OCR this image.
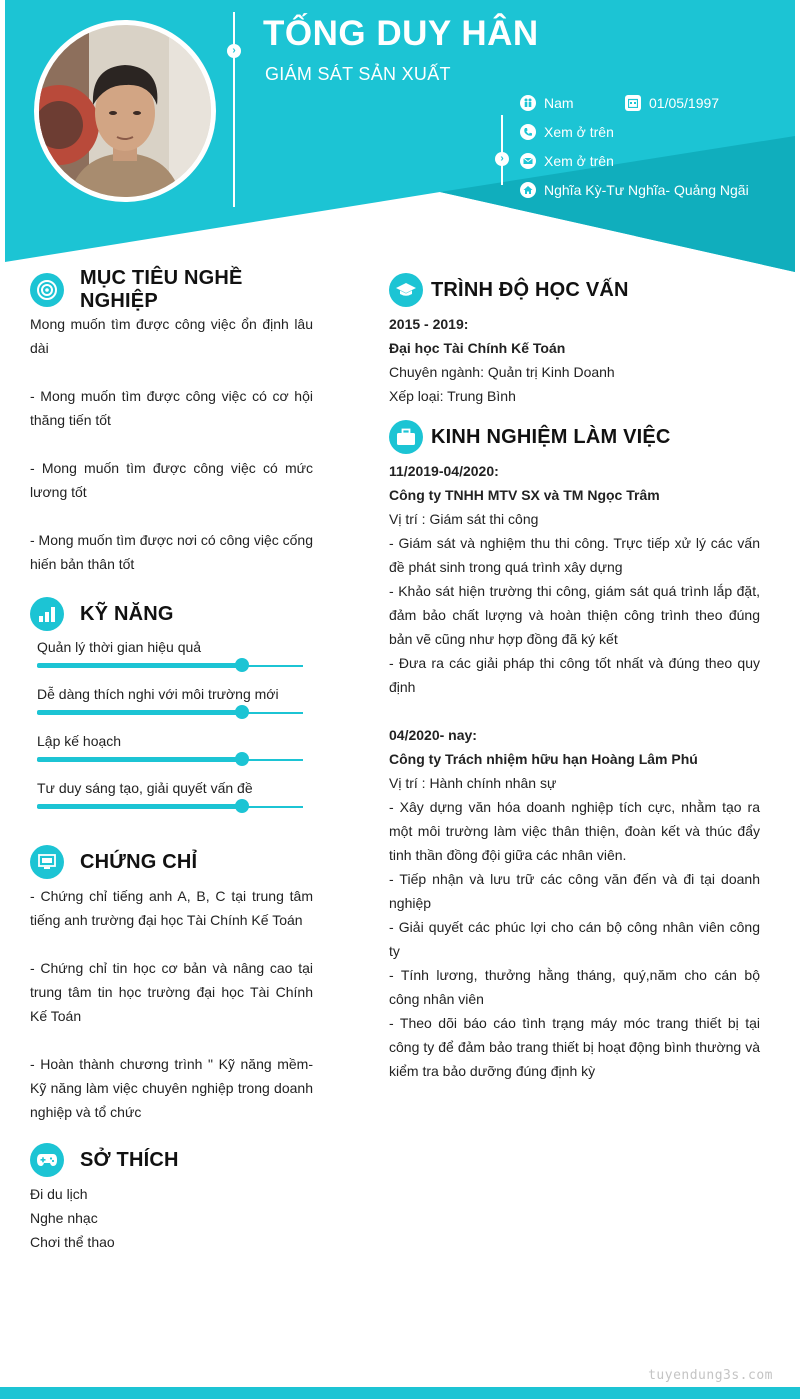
› TỐNG DUY HÂN
GIÁM SÁT SẢN XUẤT
›
Nam	01/05/1997
Xem ở trên
Xem ở trên
Nghĩa Kỳ-Tư Nghĩa- Quảng Ngãi
MỤC TIÊU NGHỀ NGHIỆP
Mong muốn tìm được công việc ổn định lâu dài
- Mong muốn tìm được công việc có cơ hội thăng tiến tốt
- Mong muốn tìm được công việc có mức lương tốt
- Mong muốn tìm được nơi có công việc cống hiến bản thân tốt
KỸ NĂNG
Quản lý thời gian hiệu quả
Dễ dàng thích nghi với môi trường mới
Lập kế hoạch
Tư duy sáng tạo, giải quyết vấn đề
CHỨNG CHỈ
- Chứng chỉ tiếng anh A, B, C tại trung tâm tiếng anh trường đại học Tài Chính Kế Toán
- Chứng chỉ tin học cơ bản và nâng cao tại trung tâm tin học trường đại học Tài Chính Kế Toán
- Hoàn thành chương trình " Kỹ năng mềm- Kỹ năng làm việc chuyên nghiệp trong doanh nghiệp và tổ chức
SỞ THÍCH
Đi du lịch
Nghe nhạc
Chơi thể thao
TRÌNH ĐỘ HỌC VẤN
2015 - 2019:
Đại học Tài Chính Kế Toán
Chuyên ngành: Quản trị Kinh Doanh
Xếp loại: Trung Bình
KINH NGHIỆM LÀM VIỆC
11/2019-04/2020:
Công ty TNHH MTV SX và TM Ngọc Trâm
Vị trí : Giám sát thi công
- Giám sát và nghiệm thu thi công. Trực tiếp xử lý các vấn đề phát sinh trong quá trình xây dựng
- Khảo sát hiện trường thi công, giám sát quá trình lắp đặt, đảm bảo chất lượng và hoàn thiện công trình theo đúng bản vẽ cũng như hợp đồng đã ký kết
- Đưa ra các giải pháp thi công tốt nhất và đúng theo quy định
04/2020- nay:
Công ty Trách nhiệm hữu hạn Hoàng Lâm Phú
Vị trí : Hành chính nhân sự
- Xây dựng văn hóa doanh nghiệp tích cực, nhằm tạo ra một môi trường làm việc thân thiện, đoàn kết và thúc đẩy tinh thần đồng đội giữa các nhân viên.
- Tiếp nhận và lưu trữ các công văn đến và đi tại doanh nghiệp
- Giải quyết các phúc lợi cho cán bộ công nhân viên công ty
- Tính lương, thưởng hằng tháng, quý,năm cho cán bộ công nhân viên
- Theo dõi báo cáo tình trạng máy móc trang thiết bị tại công ty để đảm bảo trang thiết bị hoạt động bình thường và kiểm tra bảo dưỡng đúng định kỳ
tuyendung3s.com
